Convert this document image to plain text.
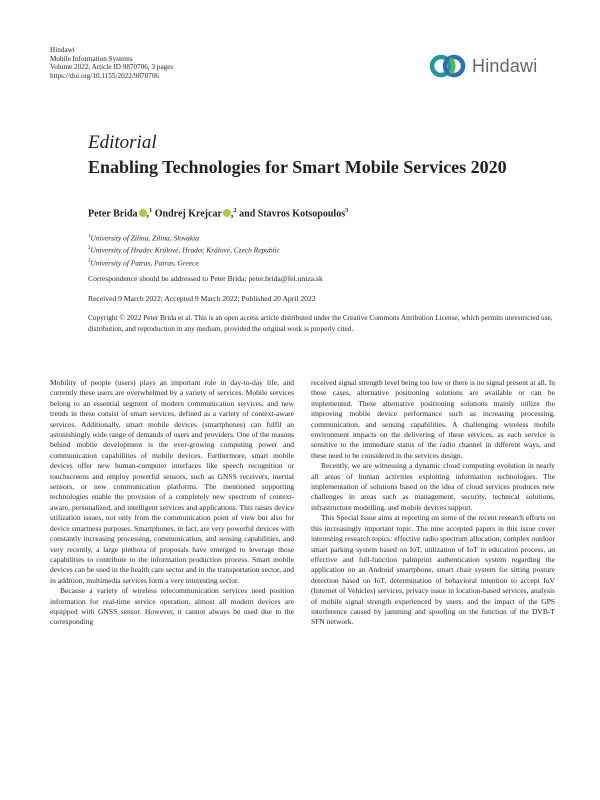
Hindawi
Mobile Information Systems
Volume 2022, Article ID 9870706, 3 pages
https://doi.org/10.1155/2022/9870706
Hindawi
Editorial
Enabling Technologies for Smart Mobile Services 2020
Peter Brida ,$^1$ Ondrej Krejcar ,$^2$ and Stavros Kotsopoulos$^3$
$^1$University of Zilina, Zilina, Slovakia
$^2$University of Hradec Králové, Hradec Králové, Czech Republic
$^3$University of Patras, Patras, Greece
Correspondence should be addressed to Peter Brida; peter.brida@fel.uniza.sk
Received 9 March 2022; Accepted 9 March 2022; Published 20 April 2022
Copyright © 2022 Peter Brida et al. This is an open access article distributed under the Creative Commons Attribution License, which permits unrestricted use, distribution, and reproduction in any medium, provided the original work is properly cited.

Mobility of people (users) plays an important role in day-to-day life, and currently these users are overwhelmed by a variety of services. Mobile services belong to an essential segment of modern communication services, and new trends in these consist of smart services, defined as a variety of context-aware services. Additionally, smart mobile devices (smartphones) can fulfil an astonishingly wide range of demands of users and providers. One of the reasons behind mobile development is the ever-growing computing power and communication capabilities of mobile devices. Furthermore, smart mobile devices offer new human-computer interfaces like speech recognition or touchscreens and employ powerful sensors, such as GNSS receivers, inertial sensors, or new communication platforms. The mentioned supporting technologies enable the provision of a completely new spectrum of context-aware, personalized, and intelligent services and applications. This raises device utilization issues, not only from the communication point of view but also for device smartness purposes. Smartphones, in fact, are very powerful devices with constantly increasing processing, communication, and sensing capabilities, and very recently, a large plethora of proposals have emerged to leverage those capabilities to contribute to the information production process. Smart mobile devices can be used in the health care sector and in the transportation sector, and in addition, multimedia services form a very interesting sector.

Because a variety of wireless telecommunication services need position information for real-time service operation, almost all modern devices are equipped with GNSS sensor. However, it cannot always be used due to the corresponding

received signal strength level being too low or there is no signal present at all. In these cases, alternative positioning solutions are available or can be implemented. These alternative positioning solutions mainly utilize the improving mobile device performance such as increasing processing, communication, and sensing capabilities. A challenging wireless mobile environment impacts on the delivering of these services, as each service is sensitive to the immediate status of the radio channel in different ways, and these need to be considered in the services design.

Recently, we are witnessing a dynamic cloud computing evolution in nearly all areas of human activities exploiting information technologies. The implementation of solutions based on the idea of cloud services produces new challenges in areas such as management, security, technical solutions, infrastructure modelling, and mobile devices support.

This Special Issue aims at reporting on some of the recent research efforts on this increasingly important topic. The nine accepted papers in this issue cover interesting research topics: effective radio spectrum allocation, complex outdoor smart parking system based on IoT, utilization of IoT in education process, an effective and full-function palmprint authentication system regarding the application on an Android smartphone, smart chair system for sitting posture detection based on IoT, determination of behavioral intention to accept IoV (Internet of Vehicles) services, privacy issue in location-based services, analysis of mobile signal strength experienced by users, and the impact of the GPS interference caused by jamming and spoofing on the function of the DVB-T SFN network.
